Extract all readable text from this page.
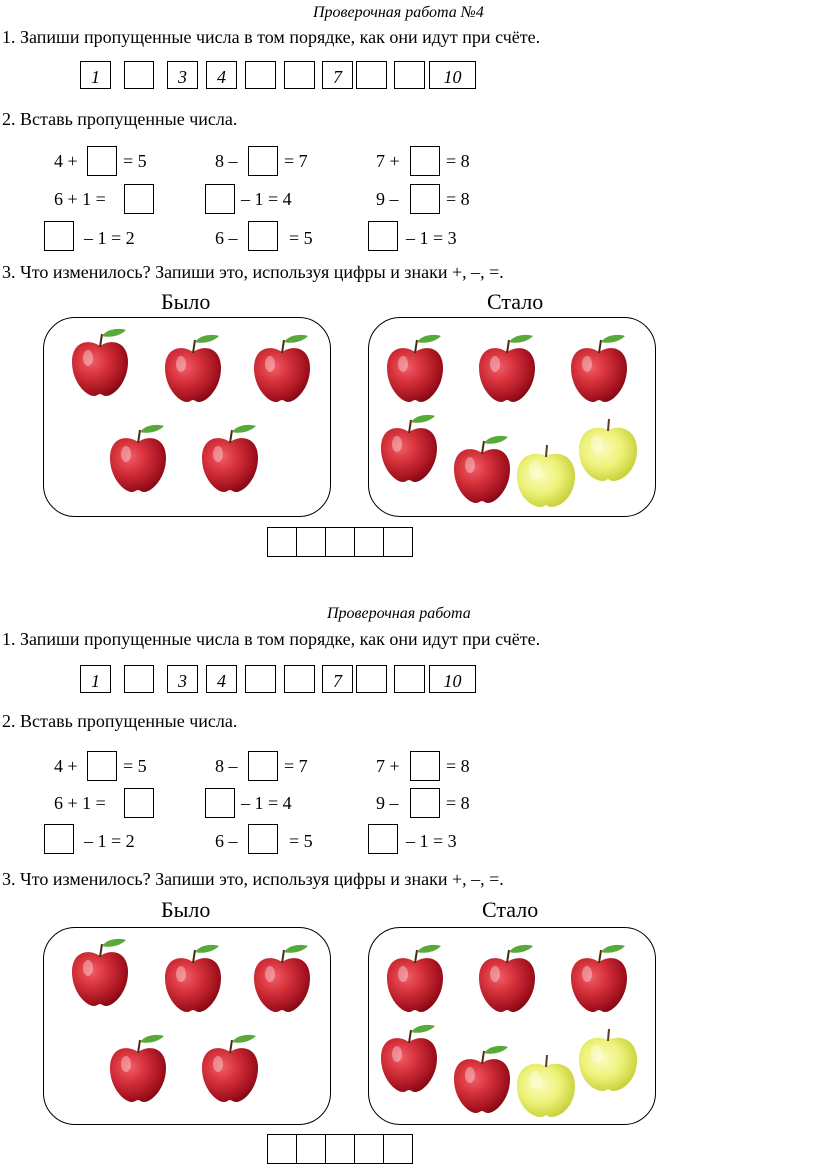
Проверочная работа №4
1. Запиши пропущенные числа в том порядке, как они идут при счёте.
1	3	4	7	10
2. Вставь пропущенные числа.
4 +	= 5	8 –	= 7	7 +	= 8
6 + 1 =	– 1 = 4	9 –	= 8
– 1 = 2	6 –	= 5	– 1 = 3
3. Что изменилось? Запиши это, используя цифры и знаки +, –, =.
Было	Стало
Проверочная работа
1. Запиши пропущенные числа в том порядке, как они идут при счёте.
1	3	4	7	10
2. Вставь пропущенные числа.
4 +	= 5	8 –	= 7	7 +	= 8
6 + 1 =	– 1 = 4	9 –	= 8
– 1 = 2	6 –	= 5	– 1 = 3
3. Что изменилось? Запиши это, используя цифры и знаки +, –, =.
Было	Стало
